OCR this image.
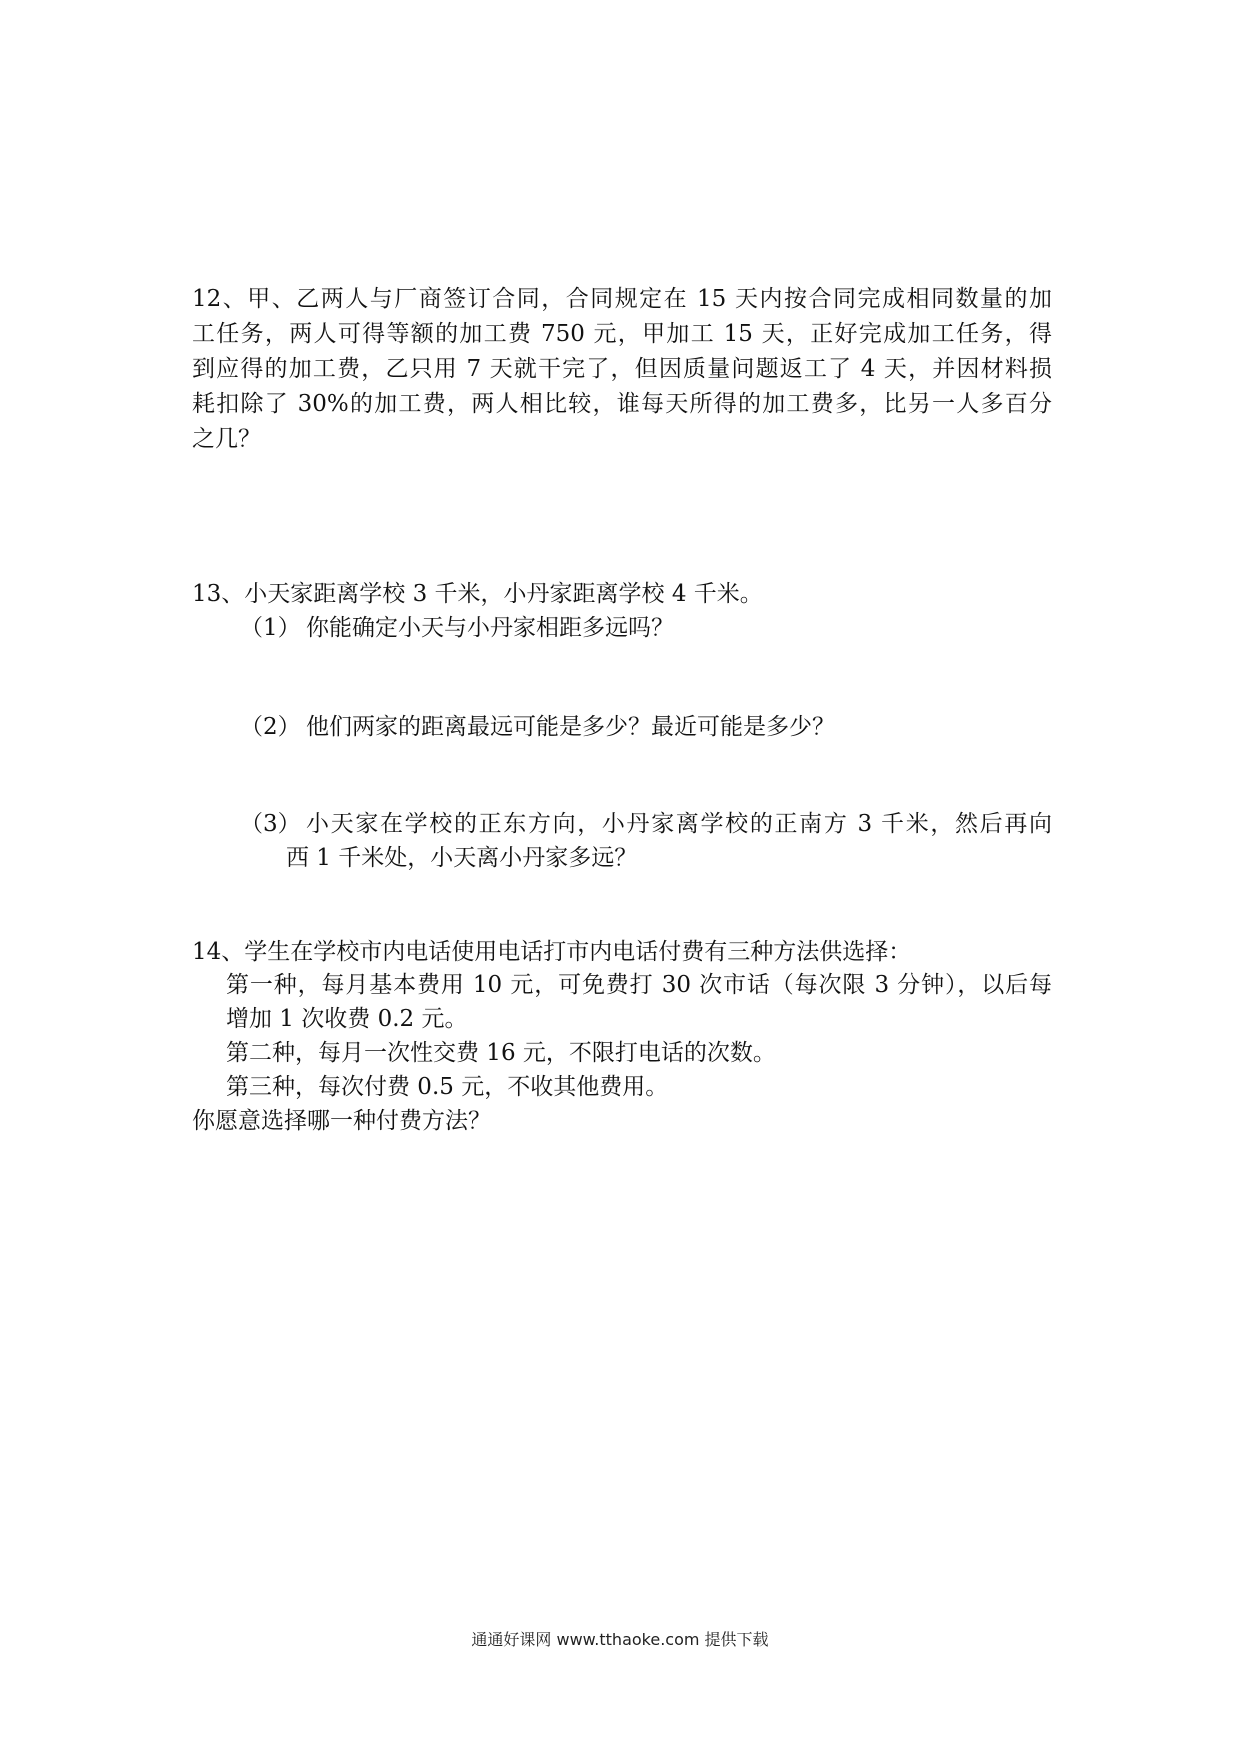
12、甲、乙两人与厂商签订合同，合同规定在 15 天内按合同完成相同数量的加
工任务，两人可得等额的加工费 750 元，甲加工 15 天，正好完成加工任务，得
到应得的加工费，乙只用 7 天就干完了，但因质量问题返工了 4 天，并因材料损
耗扣除了 30%的加工费，两人相比较，谁每天所得的加工费多，比另一人多百分
之几？
13、小天家距离学校 3 千米，小丹家距离学校 4 千米。
（1） 你能确定小天与小丹家相距多远吗？
（2） 他们两家的距离最远可能是多少？最近可能是多少？
（3） 小天家在学校的正东方向，小丹家离学校的正南方 3 千米，然后再向
西 1 千米处，小天离小丹家多远？
14、学生在学校市内电话使用电话打市内电话付费有三种方法供选择：
第一种，每月基本费用 10 元，可免费打 30 次市话（每次限 3 分钟），以后每
增加 1 次收费 0.2 元。
第二种，每月一次性交费 16 元，不限打电话的次数。
第三种，每次付费 0.5 元，不收其他费用。
你愿意选择哪一种付费方法？
通通好课网 www.tthaoke.com 提供下载
